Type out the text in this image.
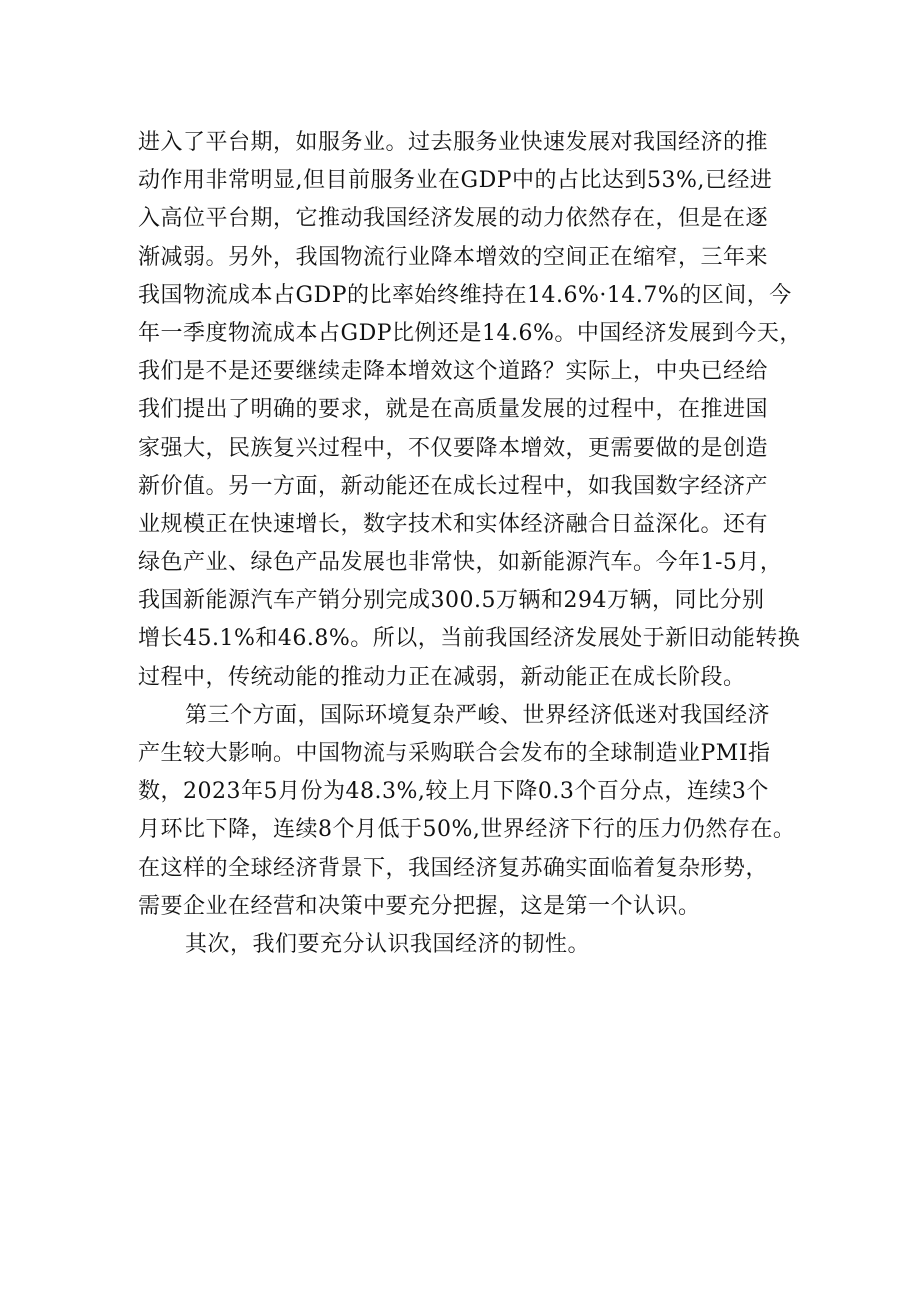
进入了平台期，如服务业。过去服务业快速发展对我国经济的推
动作用非常明显,但目前服务业在GDP中的占比达到53%,已经进
入高位平台期，它推动我国经济发展的动力依然存在，但是在逐
渐减弱。另外，我国物流行业降本增效的空间正在缩窄，三年来
我国物流成本占GDP的比率始终维持在14.6%·14.7%的区间，今
年一季度物流成本占GDP比例还是14.6%。中国经济发展到今天，
我们是不是还要继续走降本增效这个道路？实际上，中央已经给
我们提出了明确的要求，就是在高质量发展的过程中，在推进国
家强大，民族复兴过程中，不仅要降本增效，更需要做的是创造
新价值。另一方面，新动能还在成长过程中，如我国数字经济产
业规模正在快速增长，数字技术和实体经济融合日益深化。还有
绿色产业、绿色产品发展也非常快，如新能源汽车。今年1-5月，
我国新能源汽车产销分别完成300.5万辆和294万辆，同比分别
增长45.1%和46.8%。所以，当前我国经济发展处于新旧动能转换
过程中，传统动能的推动力正在减弱，新动能正在成长阶段。
第三个方面，国际环境复杂严峻、世界经济低迷对我国经济
产生较大影响。中国物流与采购联合会发布的全球制造业PMI指
数，2023年5月份为48.3%,较上月下降0.3个百分点，连续3个
月环比下降，连续8个月低于50%,世界经济下行的压力仍然存在。
在这样的全球经济背景下，我国经济复苏确实面临着复杂形势，
需要企业在经营和决策中要充分把握，这是第一个认识。
其次，我们要充分认识我国经济的韧性。
